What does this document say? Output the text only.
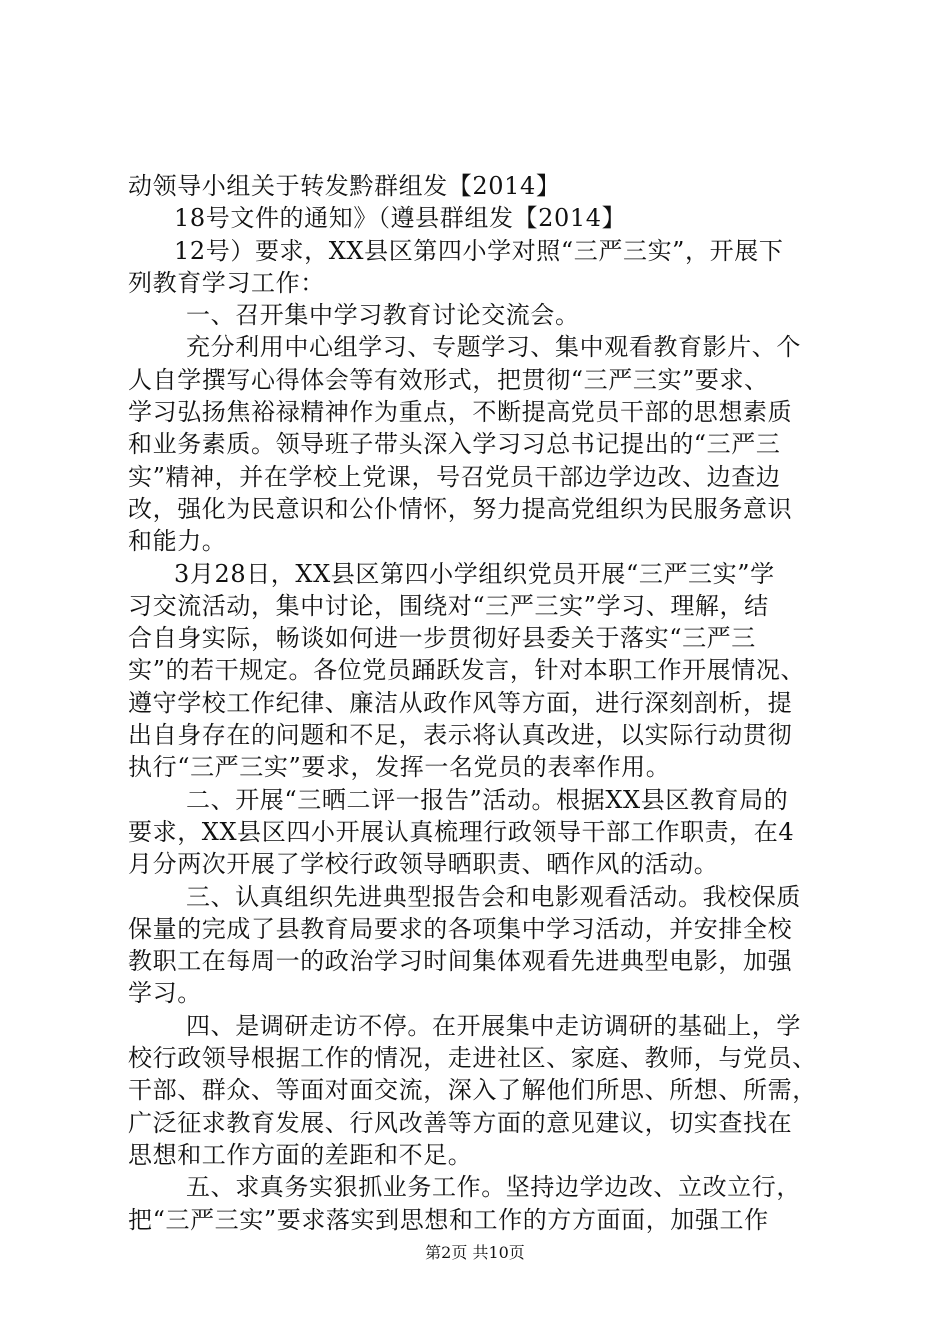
动领导小组关于转发黔群组发【2014】
18号文件的通知》（遵县群组发【2014】
12号）要求，XX县区第四小学对照“三严三实”，开展下
列教育学习工作：
一、召开集中学习教育讨论交流会。
充分利用中心组学习、专题学习、集中观看教育影片、个
人自学撰写心得体会等有效形式，把贯彻“三严三实”要求、
学习弘扬焦裕禄精神作为重点，不断提高党员干部的思想素质
和业务素质。领导班子带头深入学习习总书记提出的“三严三
实”精神，并在学校上党课，号召党员干部边学边改、边查边
改，强化为民意识和公仆情怀，努力提高党组织为民服务意识
和能力。
3月28日，XX县区第四小学组织党员开展“三严三实”学
习交流活动，集中讨论，围绕对“三严三实”学习、理解，结
合自身实际，畅谈如何进一步贯彻好县委关于落实“三严三
实”的若干规定。各位党员踊跃发言，针对本职工作开展情况、
遵守学校工作纪律、廉洁从政作风等方面，进行深刻剖析，提
出自身存在的问题和不足，表示将认真改进，以实际行动贯彻
执行“三严三实”要求，发挥一名党员的表率作用。
二、开展“三晒二评一报告”活动。根据XX县区教育局的
要求，XX县区四小开展认真梳理行政领导干部工作职责，在4
月分两次开展了学校行政领导晒职责、晒作风的活动。
三、认真组织先进典型报告会和电影观看活动。我校保质
保量的完成了县教育局要求的各项集中学习活动，并安排全校
教职工在每周一的政治学习时间集体观看先进典型电影，加强
学习。
四、是调研走访不停。在开展集中走访调研的基础上，学
校行政领导根据工作的情况，走进社区、家庭、教师，与党员、
干部、群众、等面对面交流，深入了解他们所思、所想、所需，
广泛征求教育发展、行风改善等方面的意见建议，切实查找在
思想和工作方面的差距和不足。
五、求真务实狠抓业务工作。坚持边学边改、立改立行，
把“三严三实”要求落实到思想和工作的方方面面，加强工作
第2页 共10页
